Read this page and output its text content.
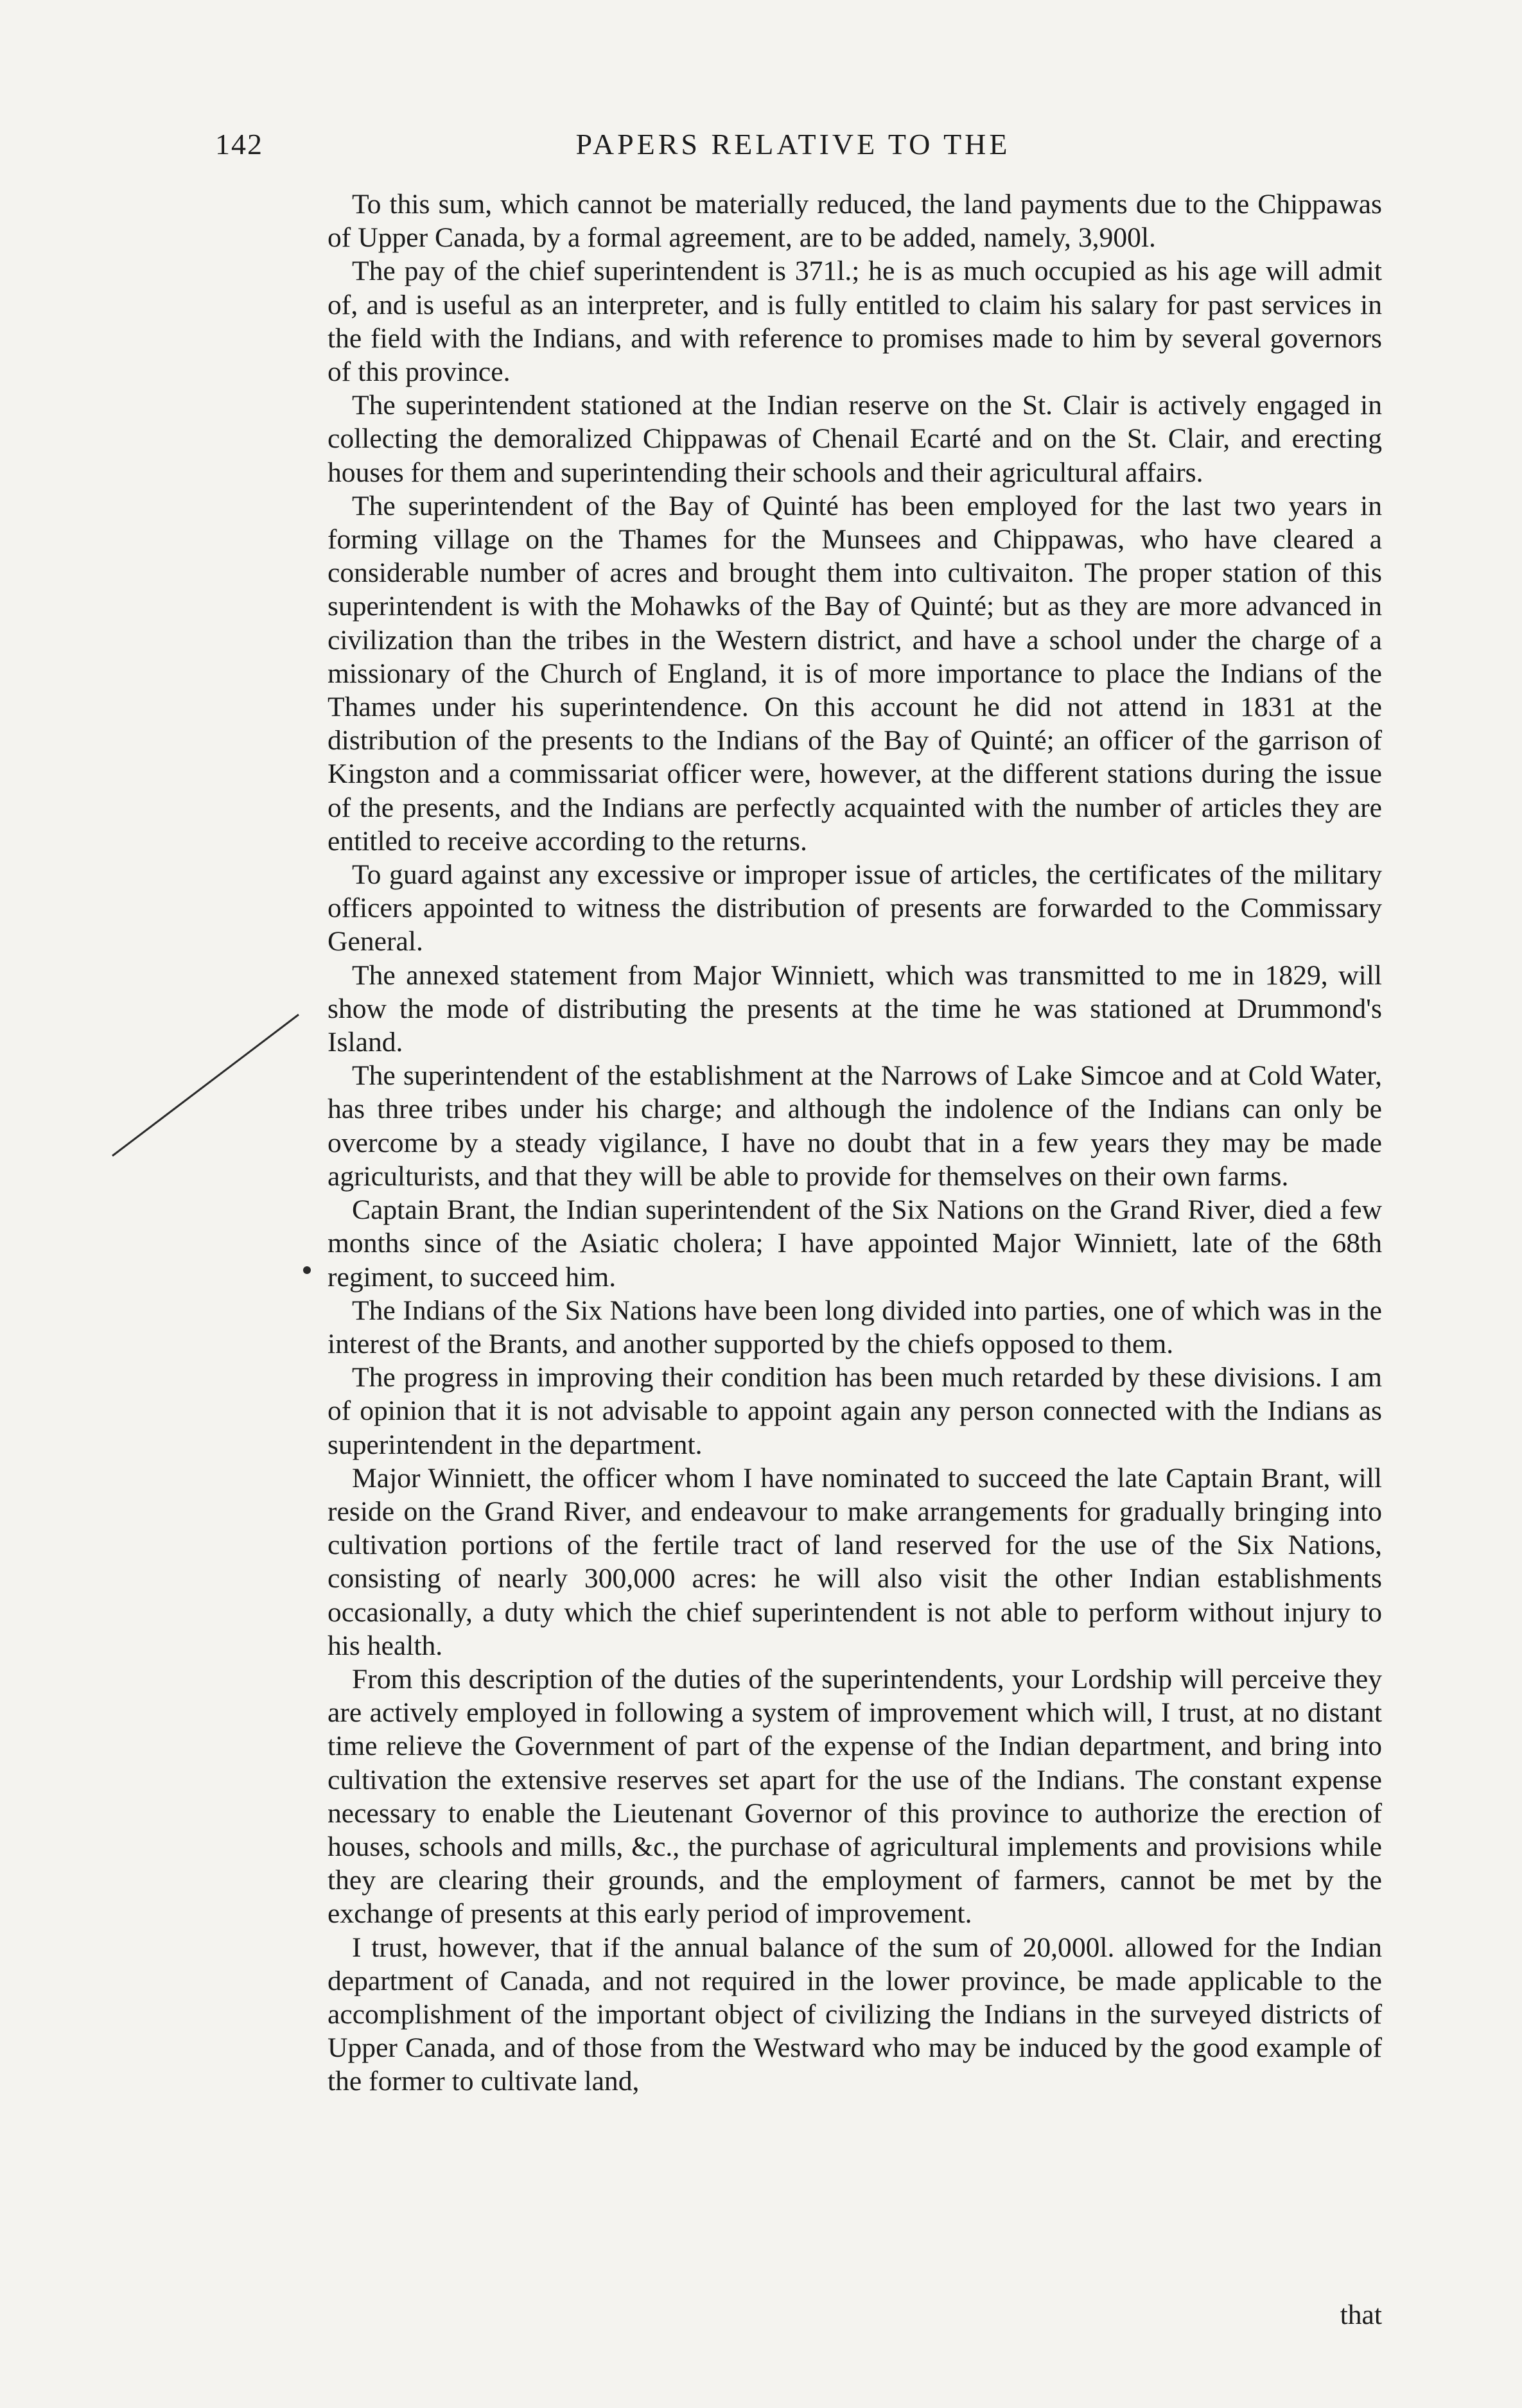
142	PAPERS RELATIVE TO THE

To this sum, which cannot be materially reduced, the land payments due to the Chippawas of Upper Canada, by a formal agreement, are to be added, namely, 3,900l.

The pay of the chief superintendent is 371l.; he is as much occupied as his age will admit of, and is useful as an interpreter, and is fully entitled to claim his salary for past services in the field with the Indians, and with reference to promises made to him by several governors of this province.

The superintendent stationed at the Indian reserve on the St. Clair is actively engaged in collecting the demoralized Chippawas of Chenail Ecarté and on the St. Clair, and erecting houses for them and superintending their schools and their agricultural affairs.

The superintendent of the Bay of Quinté has been employed for the last two years in forming village on the Thames for the Munsees and Chippawas, who have cleared a considerable number of acres and brought them into cultivaiton. The proper station of this superintendent is with the Mohawks of the Bay of Quinté; but as they are more advanced in civilization than the tribes in the Western district, and have a school under the charge of a missionary of the Church of England, it is of more importance to place the Indians of the Thames under his superintendence. On this account he did not attend in 1831 at the distribution of the presents to the Indians of the Bay of Quinté; an officer of the garrison of Kingston and a commissariat officer were, however, at the different stations during the issue of the presents, and the Indians are perfectly acquainted with the number of articles they are entitled to receive according to the returns.

To guard against any excessive or improper issue of articles, the certificates of the military officers appointed to witness the distribution of presents are forwarded to the Commissary General.

The annexed statement from Major Winniett, which was transmitted to me in 1829, will show the mode of distributing the presents at the time he was stationed at Drummond's Island.

The superintendent of the establishment at the Narrows of Lake Simcoe and at Cold Water, has three tribes under his charge; and although the indolence of the Indians can only be overcome by a steady vigilance, I have no doubt that in a few years they may be made agriculturists, and that they will be able to provide for themselves on their own farms.

Captain Brant, the Indian superintendent of the Six Nations on the Grand River, died a few months since of the Asiatic cholera; I have appointed Major Winniett, late of the 68th regiment, to succeed him.

The Indians of the Six Nations have been long divided into parties, one of which was in the interest of the Brants, and another supported by the chiefs opposed to them.

The progress in improving their condition has been much retarded by these divisions. I am of opinion that it is not advisable to appoint again any person connected with the Indians as superintendent in the department.

Major Winniett, the officer whom I have nominated to succeed the late Captain Brant, will reside on the Grand River, and endeavour to make arrangements for gradually bringing into cultivation portions of the fertile tract of land reserved for the use of the Six Nations, consisting of nearly 300,000 acres: he will also visit the other Indian establishments occasionally, a duty which the chief superintendent is not able to perform without injury to his health.

From this description of the duties of the superintendents, your Lordship will perceive they are actively employed in following a system of improvement which will, I trust, at no distant time relieve the Government of part of the expense of the Indian department, and bring into cultivation the extensive reserves set apart for the use of the Indians. The constant expense necessary to enable the Lieutenant Governor of this province to authorize the erection of houses, schools and mills, &c., the purchase of agricultural implements and provisions while they are clearing their grounds, and the employment of farmers, cannot be met by the exchange of presents at this early period of improvement.

I trust, however, that if the annual balance of the sum of 20,000l. allowed for the Indian department of Canada, and not required in the lower province, be made applicable to the accomplishment of the important object of civilizing the Indians in the surveyed districts of Upper Canada, and of those from the Westward who may be induced by the good example of the former to cultivate land,

that
